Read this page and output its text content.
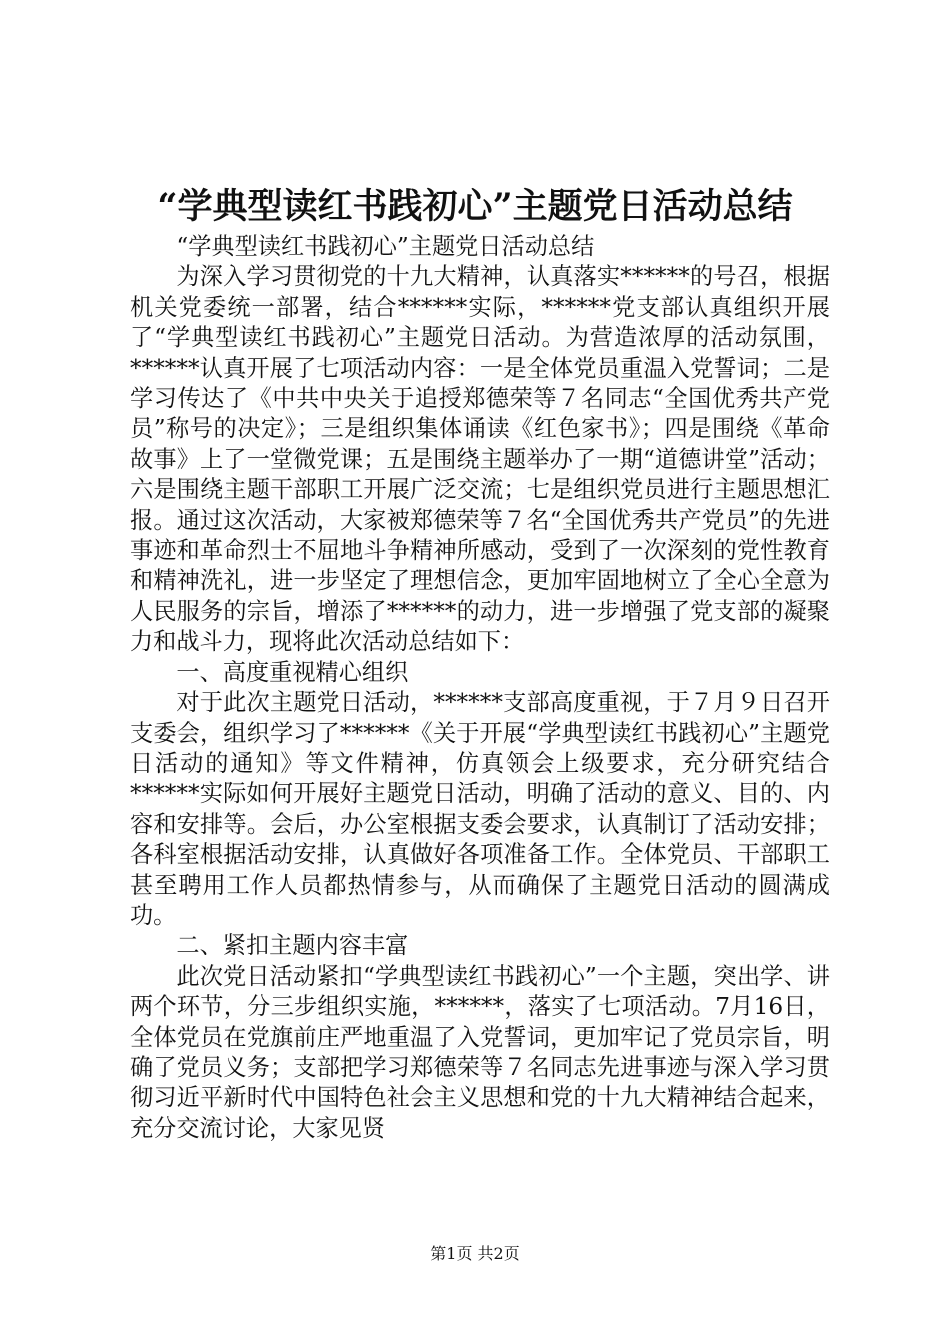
“学典型读红书践初心”主题党日活动总结

“学典型读红书践初心”主题党日活动总结

为深入学习贯彻党的十九大精神，认真落实******的号召，根据机关党委统一部署，结合******实际，******党支部认真组织开展了“学典型读红书践初心”主题党日活动。为营造浓厚的活动氛围，******认真开展了七项活动内容：一是全体党员重温入党誓词；二是学习传达了《中共中央关于追授郑德荣等７名同志“全国优秀共产党员”称号的决定》；三是组织集体诵读《红色家书》；四是围绕《革命故事》上了一堂微党课；五是围绕主题举办了一期“道德讲堂”活动；六是围绕主题干部职工开展广泛交流；七是组织党员进行主题思想汇报。通过这次活动，大家被郑德荣等７名“全国优秀共产党员”的先进事迹和革命烈士不屈地斗争精神所感动，受到了一次深刻的党性教育和精神洗礼，进一步坚定了理想信念，更加牢固地树立了全心全意为人民服务的宗旨，增添了******的动力，进一步增强了党支部的凝聚力和战斗力，现将此次活动总结如下：

一、高度重视精心组织

对于此次主题党日活动，******支部高度重视，于７月９日召开支委会，组织学习了******《关于开展“学典型读红书践初心”主题党日活动的通知》等文件精神，仿真领会上级要求，充分研究结合******实际如何开展好主题党日活动，明确了活动的意义、目的、内容和安排等。会后，办公室根据支委会要求，认真制订了活动安排；各科室根据活动安排，认真做好各项准备工作。全体党员、干部职工甚至聘用工作人员都热情参与，从而确保了主题党日活动的圆满成功。

二、紧扣主题内容丰富

此次党日活动紧扣“学典型读红书践初心”一个主题，突出学、讲两个环节，分三步组织实施，******，落实了七项活动。7月16日，全体党员在党旗前庄严地重温了入党誓词，更加牢记了党员宗旨，明确了党员义务；支部把学习郑德荣等７名同志先进事迹与深入学习贯彻习近平新时代中国特色社会主义思想和党的十九大精神结合起来，充分交流讨论，大家见贤

第1页 共2页
